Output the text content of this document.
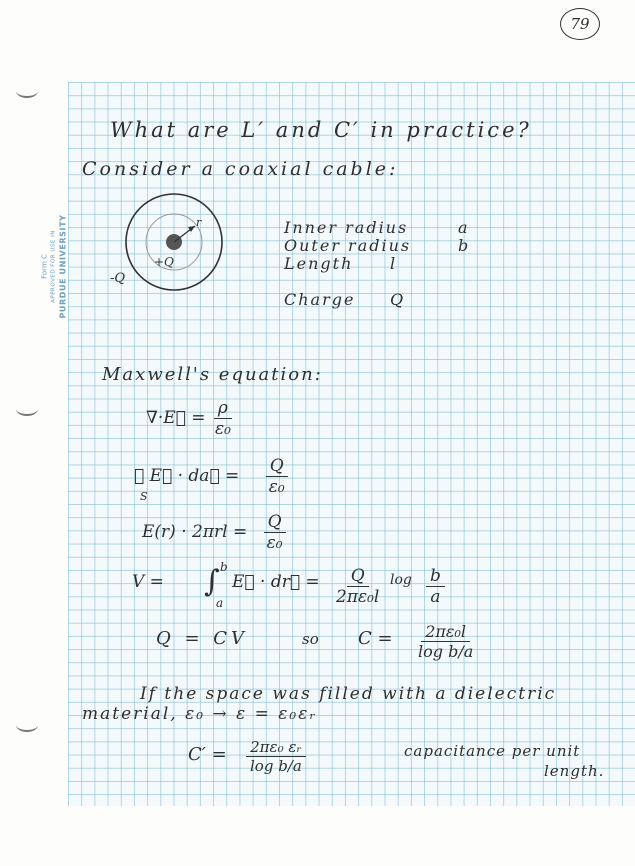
79
Form C APPROVED FOR USE IN PURDUE UNIVERSITY
What are L′ and C′ in practice?
Consider a coaxial cable:
r
+Q
-Q
Inner radius	a
Outer radius	b
Length l
Charge Q
Maxwell's equation:
∇·E⃗ = $\frac{\rho}{\text{ε₀}}$
∮ E⃗ · da⃗ =
S
	$\frac{Q}{\text{ε₀}}$
$E(r) \cdot 2\pi rl = \frac{Q}{\text{ε₀}}$
V = ∫ b
a
E⃗ · dr⃗ = $\frac{Q}{\text{2πε₀l}}$ $\log \frac{b}{a}$
Q = CV	so $C = \frac{\text{2πε₀l}}{\text{log b/a}}$
If the space was filled with a dielectric
material, ε₀ → ε = ε₀εᵣ
$C' = \frac{\text{2πε₀ εᵣ}}{\text{log b/a}}$	capacitance per unit
length.
